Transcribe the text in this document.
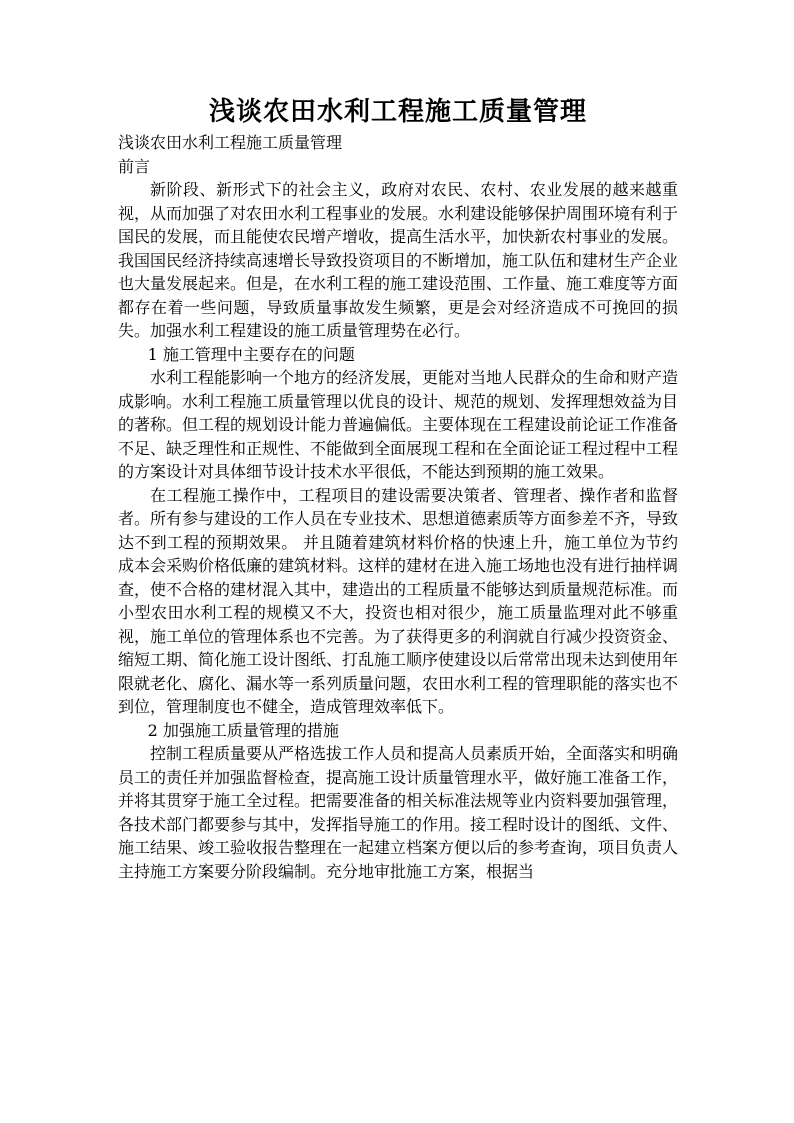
浅谈农田水利工程施工质量管理

浅谈农田水利工程施工质量管理

前言

新阶段、新形式下的社会主义，政府对农民、农村、农业发展的越来越重视，从而加强了对农田水利工程事业的发展。水利建设能够保护周围环境有利于国民的发展，而且能使农民增产增收，提高生活水平，加快新农村事业的发展。我国国民经济持续高速增长导致投资项目的不断增加，施工队伍和建材生产企业也大量发展起来。但是，在水利工程的施工建设范围、工作量、施工难度等方面都存在着一些问题，导致质量事故发生频繁，更是会对经济造成不可挽回的损失。加强水利工程建设的施工质量管理势在必行。

1 施工管理中主要存在的问题

水利工程能影响一个地方的经济发展，更能对当地人民群众的生命和财产造成影响。水利工程施工质量管理以优良的设计、规范的规划、发挥理想效益为目的著称。但工程的规划设计能力普遍偏低。主要体现在工程建设前论证工作准备不足、缺乏理性和正规性、不能做到全面展现工程和在全面论证工程过程中工程的方案设计对具体细节设计技术水平很低，不能达到预期的施工效果。

在工程施工操作中，工程项目的建设需要决策者、管理者、操作者和监督者。所有参与建设的工作人员在专业技术、思想道德素质等方面参差不齐，导致达不到工程的预期效果。 并且随着建筑材料价格的快速上升，施工单位为节约成本会采购价格低廉的建筑材料。这样的建材在进入施工场地也没有进行抽样调查，使不合格的建材混入其中，建造出的工程质量不能够达到质量规范标准。而小型农田水利工程的规模又不大，投资也相对很少，施工质量监理对此不够重视，施工单位的管理体系也不完善。为了获得更多的利润就自行减少投资资金、缩短工期、简化施工设计图纸、打乱施工顺序使建设以后常常出现未达到使用年限就老化、腐化、漏水等一系列质量问题，农田水利工程的管理职能的落实也不到位，管理制度也不健全，造成管理效率低下。

2 加强施工质量管理的措施

控制工程质量要从严格选拔工作人员和提高人员素质开始，全面落实和明确员工的责任并加强监督检查，提高施工设计质量管理水平，做好施工准备工作，并将其贯穿于施工全过程。把需要准备的相关标准法规等业内资料要加强管理，各技术部门都要参与其中，发挥指导施工的作用。接工程时设计的图纸、文件、施工结果、竣工验收报告整理在一起建立档案方便以后的参考查询，项目负责人主持施工方案要分阶段编制。充分地审批施工方案，根据当
